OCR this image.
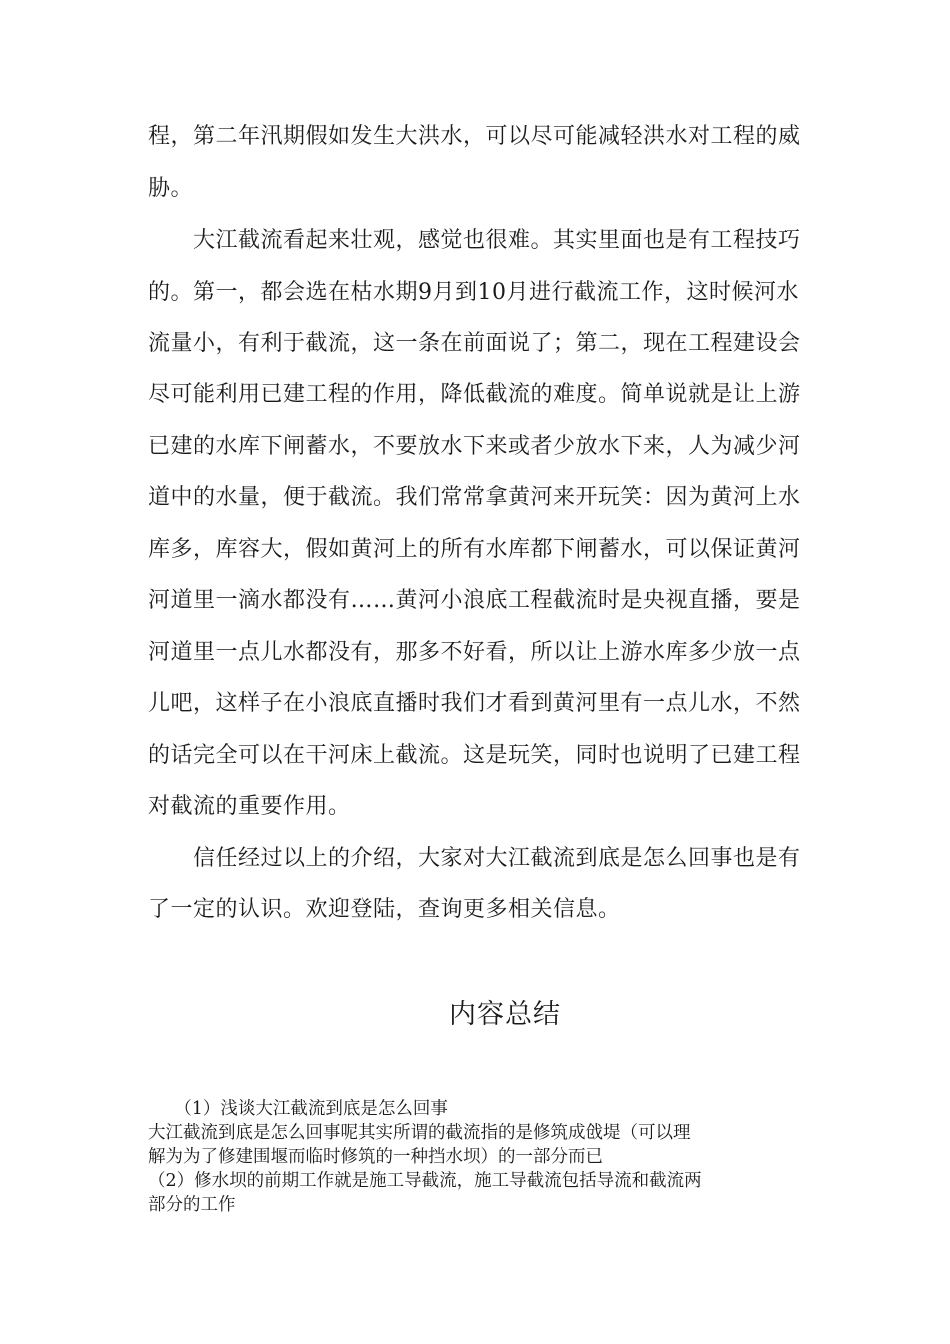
程，第二年汛期假如发生大洪水，可以尽可能减轻洪水对工程的威
胁。
　　大江截流看起来壮观，感觉也很难。其实里面也是有工程技巧
的。第一，都会选在枯水期9月到10月进行截流工作，这时候河水
流量小，有利于截流，这一条在前面说了；第二，现在工程建设会
尽可能利用已建工程的作用，降低截流的难度。简单说就是让上游
已建的水库下闸蓄水，不要放水下来或者少放水下来，人为减少河
道中的水量，便于截流。我们常常拿黄河来开玩笑：因为黄河上水
库多，库容大，假如黄河上的所有水库都下闸蓄水，可以保证黄河
河道里一滴水都没有……黄河小浪底工程截流时是央视直播，要是
河道里一点儿水都没有，那多不好看，所以让上游水库多少放一点
儿吧，这样子在小浪底直播时我们才看到黄河里有一点儿水，不然
的话完全可以在干河床上截流。这是玩笑，同时也说明了已建工程
对截流的重要作用。
　　信任经过以上的介绍，大家对大江截流到底是怎么回事也是有
了一定的认识。欢迎登陆，查询更多相关信息。
内容总结
　　（1）浅谈大江截流到底是怎么回事
大江截流到底是怎么回事呢其实所谓的截流指的是修筑成戗堤（可以理
解为为了修建围堰而临时修筑的一种挡水坝）的一部分而已
（2）修水坝的前期工作就是施工导截流，施工导截流包括导流和截流两
部分的工作
